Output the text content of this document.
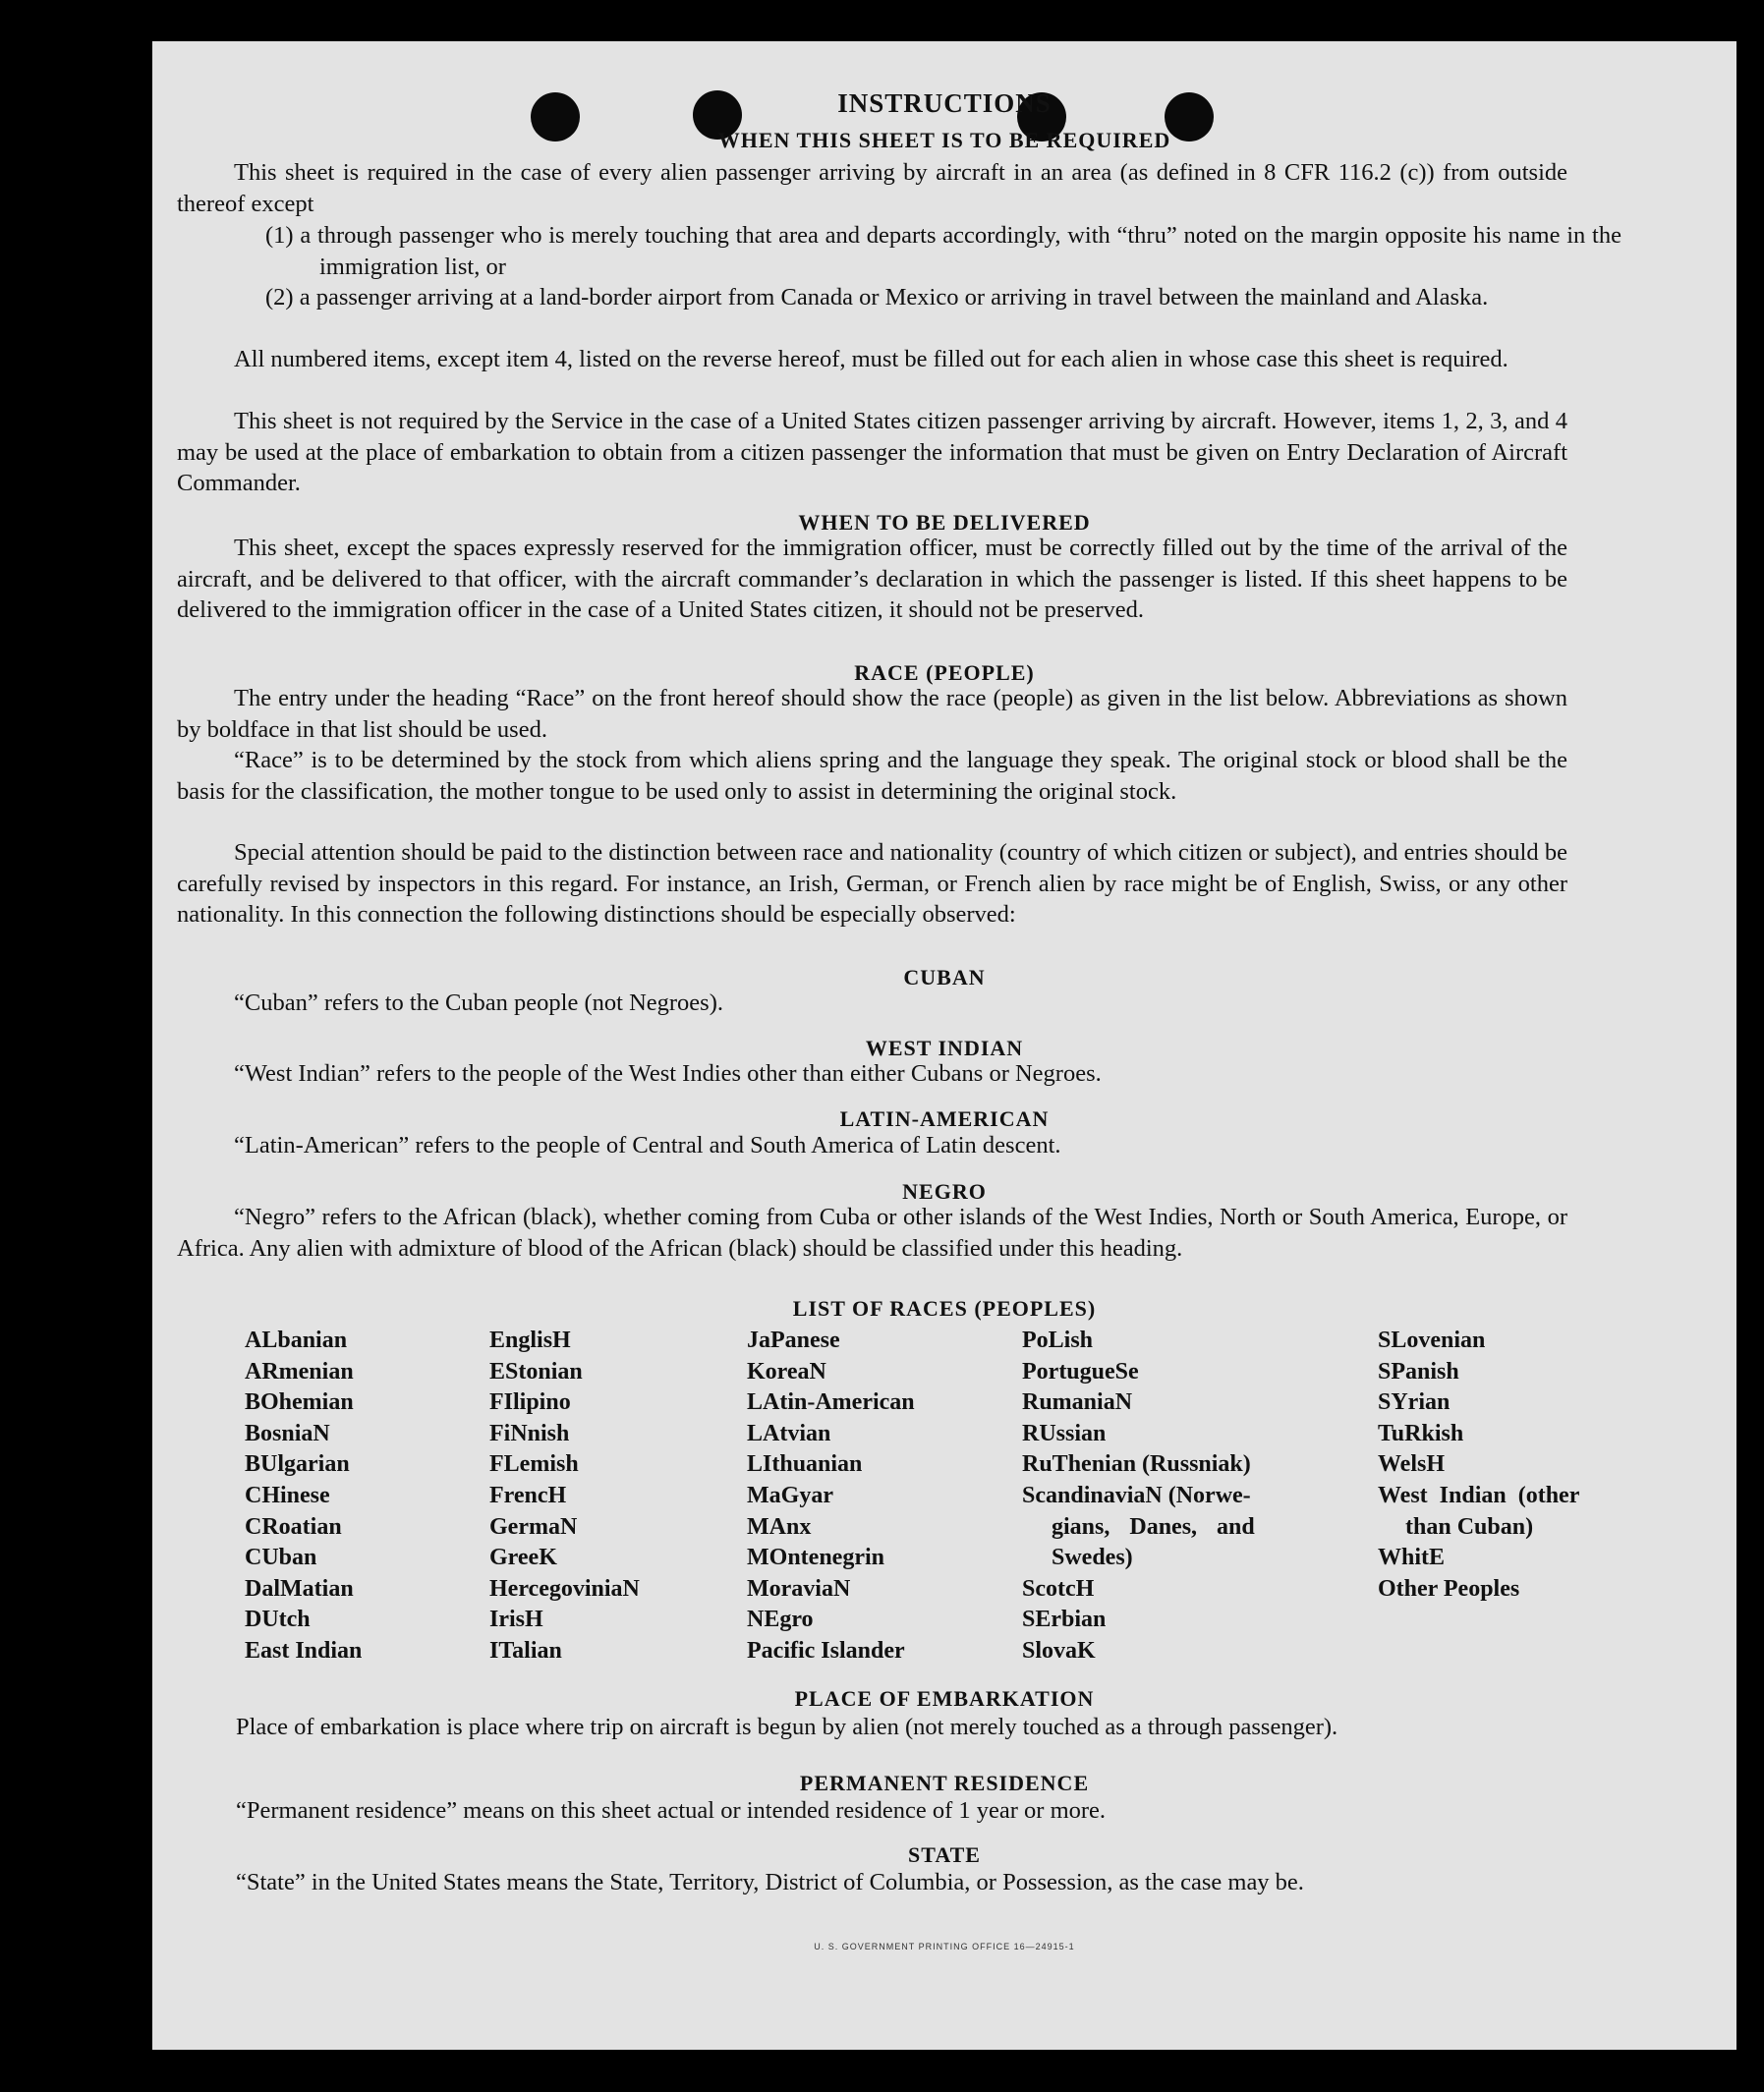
INSTRUCTIONS
WHEN THIS SHEET IS TO BE REQUIRED

This sheet is required in the case of every alien passenger arriving by aircraft in an area (as defined in 8 CFR 116.2 (c)) from outside thereof except

(1) a through passenger who is merely touching that area and departs accordingly, with “thru” noted on the margin opposite his name in the immigration list, or

(2) a passenger arriving at a land-border airport from Canada or Mexico or arriving in travel between the mainland and Alaska.

All numbered items, except item 4, listed on the reverse hereof, must be filled out for each alien in whose case this sheet is required.

This sheet is not required by the Service in the case of a United States citizen passenger arriving by aircraft. However, items 1, 2, 3, and 4 may be used at the place of embarkation to obtain from a citizen passenger the information that must be given on Entry Declaration of Aircraft Commander.

WHEN TO BE DELIVERED

This sheet, except the spaces expressly reserved for the immigration officer, must be correctly filled out by the time of the arrival of the aircraft, and be delivered to that officer, with the aircraft commander’s declaration in which the passenger is listed. If this sheet happens to be delivered to the immigration officer in the case of a United States citizen, it should not be preserved.

RACE (PEOPLE)

The entry under the heading “Race” on the front hereof should show the race (people) as given in the list below. Abbreviations as shown by boldface in that list should be used.

“Race” is to be determined by the stock from which aliens spring and the language they speak. The original stock or blood shall be the basis for the classification, the mother tongue to be used only to assist in determining the original stock.

Special attention should be paid to the distinction between race and nationality (country of which citizen or subject), and entries should be carefully revised by inspectors in this regard. For instance, an Irish, German, or French alien by race might be of English, Swiss, or any other nationality. In this connection the following distinctions should be especially observed:

CUBAN

“Cuban” refers to the Cuban people (not Negroes).

WEST INDIAN

“West Indian” refers to the people of the West Indies other than either Cubans or Negroes.

LATIN-AMERICAN

“Latin-American” refers to the people of Central and South America of Latin descent.

NEGRO

“Negro” refers to the African (black), whether coming from Cuba or other islands of the West Indies, North or South America, Europe, or Africa. Any alien with admixture of blood of the African (black) should be classified under this heading.

LIST OF RACES (PEOPLES)
ALbanian
ARmenian
BOhemian
BosniaN
BUlgarian
CHinese
CRoatian
CUban
DalMatian
DUtch
East Indian
EnglisH
EStonian
FIlipino
FiNnish
FLemish
FrencH
GermaN
GreeK
HercegoviniaN
IrisH
ITalian
JaPanese
KoreaN
LAtin-American
LAtvian
LIthuanian
MaGyar
MAnx
MOntenegrin
MoraviaN
NEgro
Pacific Islander
PoLish
PortugueSe
RumaniaN
RUssian
RuThenian (Russniak)
ScandinaviaN (Norwe-
gians, Danes, and
Swedes)
ScotcH
SErbian
SlovaK
SLovenian
SPanish
SYrian
TuRkish
WelsH
West Indian (other
than Cuban)
WhitE
Other Peoples
PLACE OF EMBARKATION

Place of embarkation is place where trip on aircraft is begun by alien (not merely touched as a through passenger).

PERMANENT RESIDENCE

“Permanent residence” means on this sheet actual or intended residence of 1 year or more.

STATE

“State” in the United States means the State, Territory, District of Columbia, or Possession, as the case may be.

U. S. GOVERNMENT PRINTING OFFICE 16—24915-1
